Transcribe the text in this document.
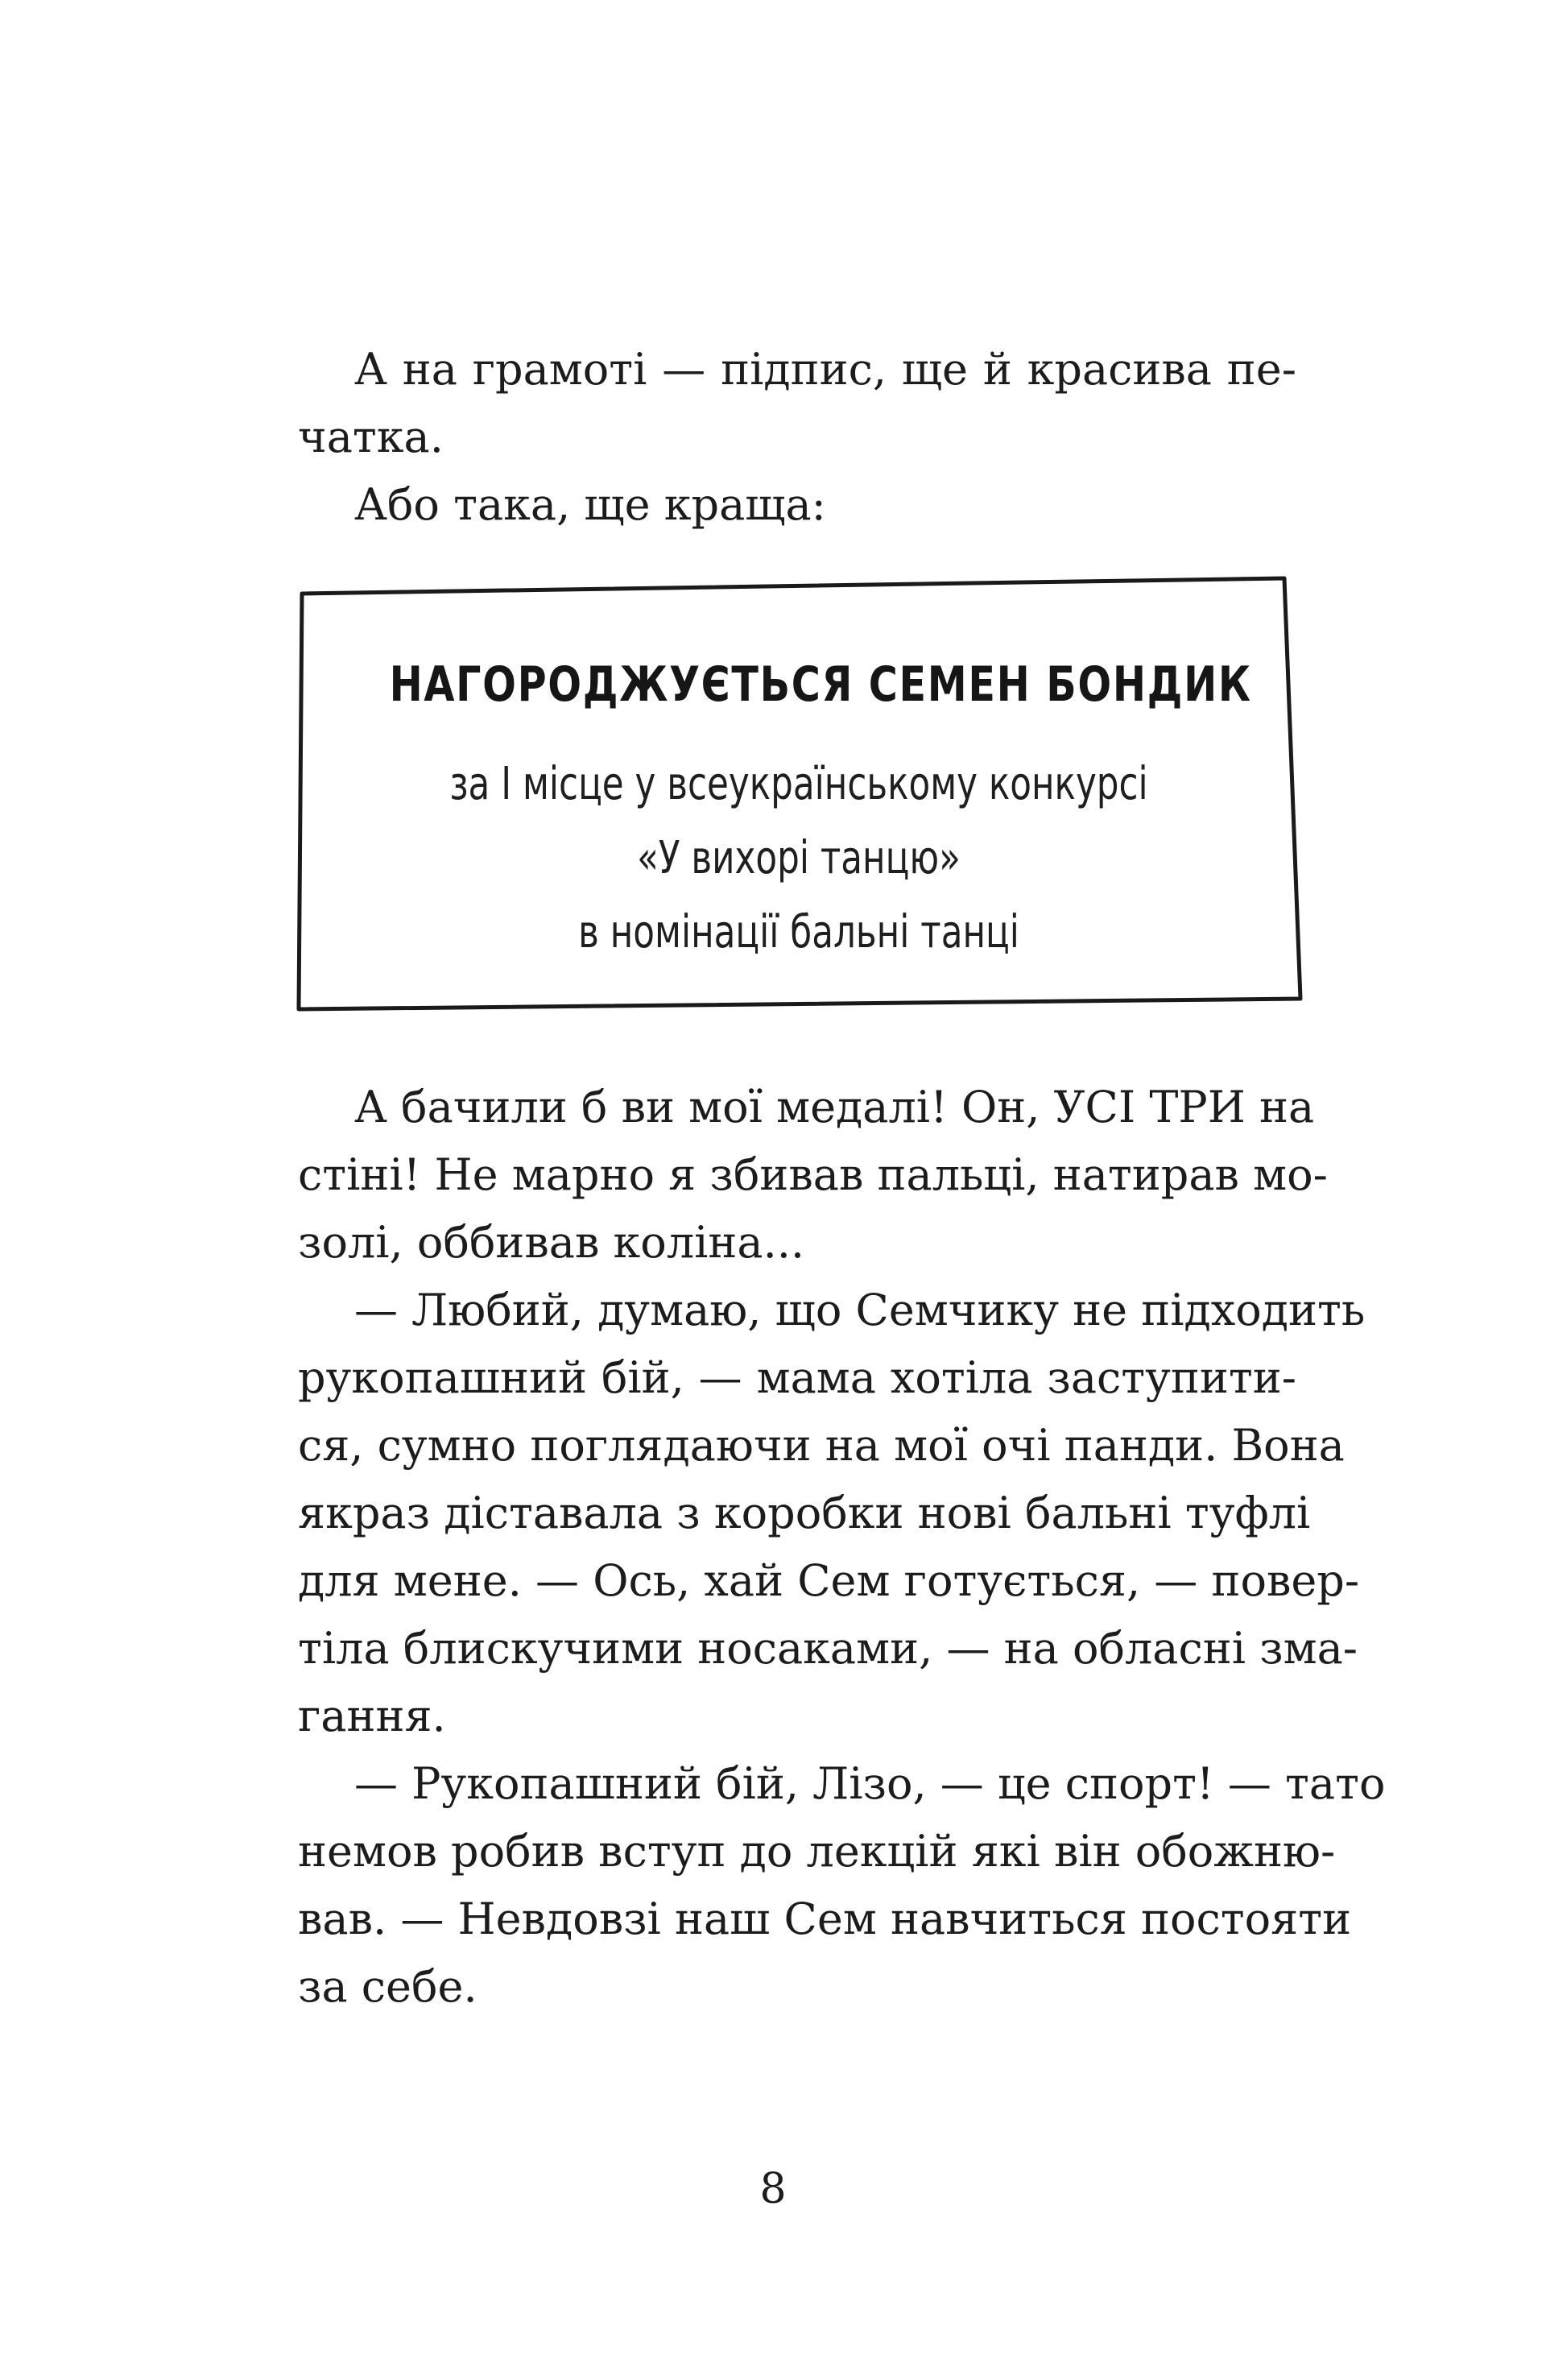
А на грамоті — підпис, ще й красива пе-
чатка.
Або така, ще краща:
НАГОРОДЖУЄТЬСЯ СЕМЕН БОНДИК
за І місце у всеукраїнському конкурсі
«У вихорі танцю»
в номінації бальні танці
А бачили б ви мої медалі! Он, УСІ ТРИ на
стіні! Не марно я збивав пальці, натирав мо-
золі, оббивав коліна...
— Любий, думаю, що Семчику не підходить
рукопашний бій, — мама хотіла заступити-
ся, сумно поглядаючи на мої очі панди. Вона
якраз діставала з коробки нові бальні туфлі
для мене. — Ось, хай Сем готується, — повер-
тіла блискучими носаками, — на обласні зма-
гання.
— Рукопашний бій, Лізо, — це спорт! — тато
немов робив вступ до лекцій які він обожню-
вав. — Невдовзі наш Сем навчиться постояти
за себе.
8
